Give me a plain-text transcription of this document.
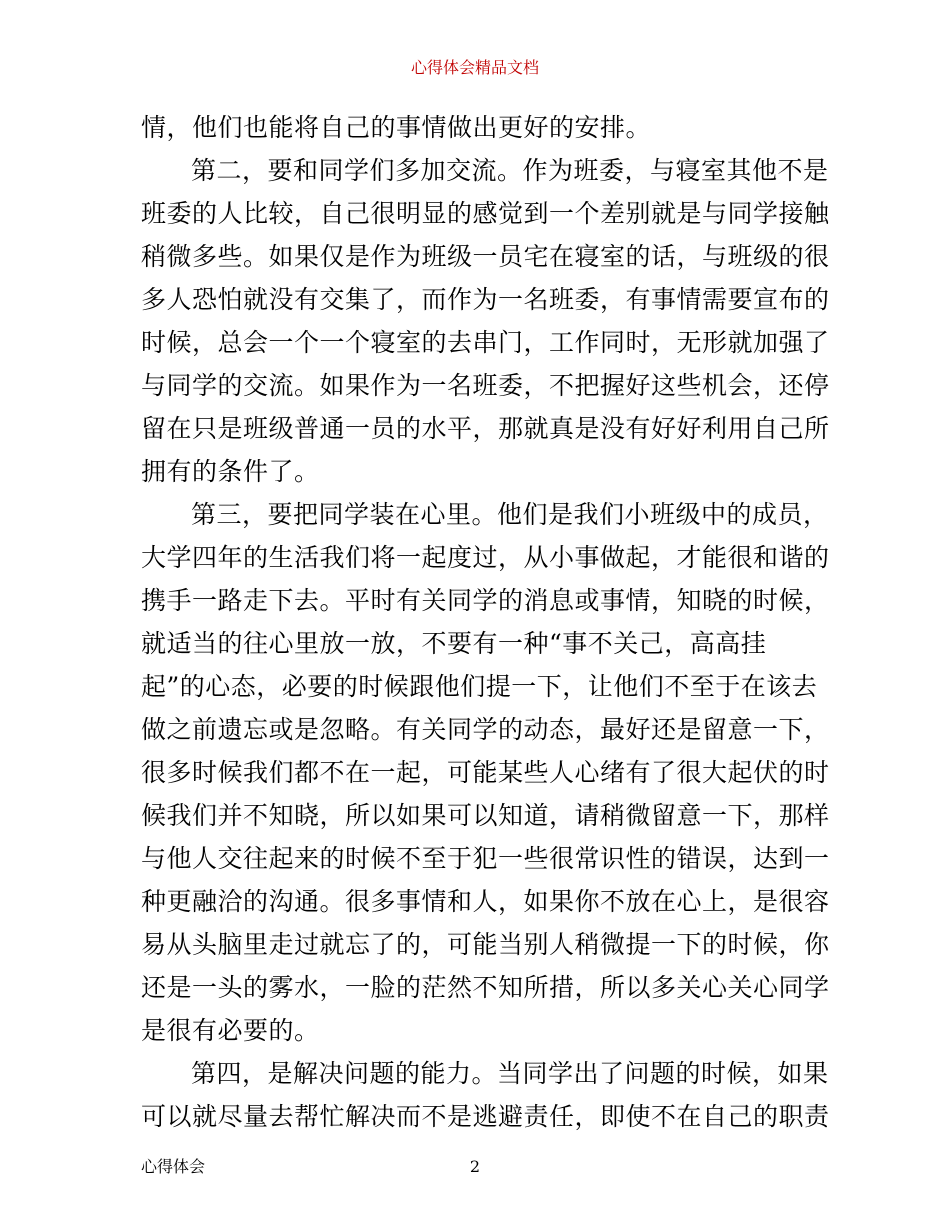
心得体会精品文档
情，他们也能将自己的事情做出更好的安排。
第二，要和同学们多加交流。作为班委，与寝室其他不是
班委的人比较，自己很明显的感觉到一个差别就是与同学接触
稍微多些。如果仅是作为班级一员宅在寝室的话，与班级的很
多人恐怕就没有交集了，而作为一名班委，有事情需要宣布的
时候，总会一个一个寝室的去串门，工作同时，无形就加强了
与同学的交流。如果作为一名班委，不把握好这些机会，还停
留在只是班级普通一员的水平，那就真是没有好好利用自己所
拥有的条件了。
第三，要把同学装在心里。他们是我们小班级中的成员，
大学四年的生活我们将一起度过，从小事做起，才能很和谐的
携手一路走下去。平时有关同学的消息或事情，知晓的时候，
就适当的往心里放一放，不要有一种“事不关己，高高挂
起”的心态，必要的时候跟他们提一下，让他们不至于在该去
做之前遗忘或是忽略。有关同学的动态，最好还是留意一下，
很多时候我们都不在一起，可能某些人心绪有了很大起伏的时
候我们并不知晓，所以如果可以知道，请稍微留意一下，那样
与他人交往起来的时候不至于犯一些很常识性的错误，达到一
种更融洽的沟通。很多事情和人，如果你不放在心上，是很容
易从头脑里走过就忘了的，可能当别人稍微提一下的时候，你
还是一头的雾水，一脸的茫然不知所措，所以多关心关心同学
是很有必要的。
第四，是解决问题的能力。当同学出了问题的时候，如果
可以就尽量去帮忙解决而不是逃避责任，即使不在自己的职责
心得体会	2
